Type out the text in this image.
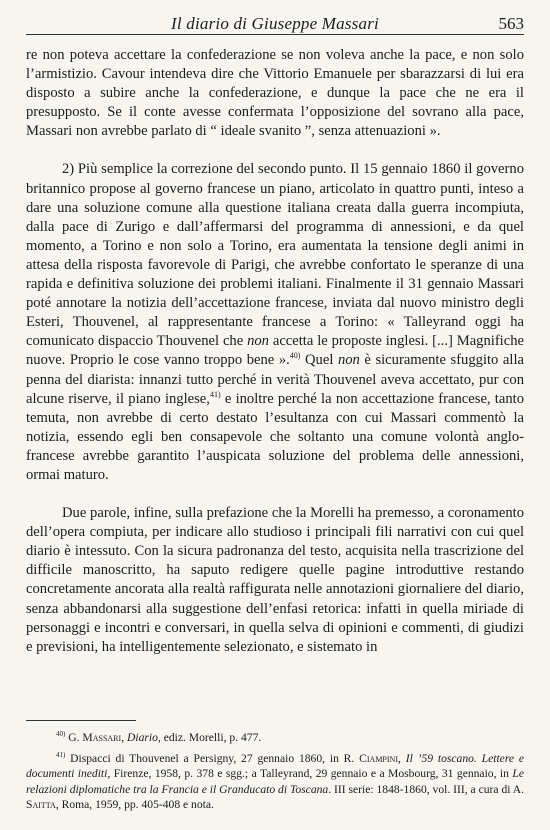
Il diario di Giuseppe Massari	563

re non poteva accettare la confederazione se non voleva anche la pace, e non solo l’armistizio. Cavour intendeva dire che Vittorio Emanuele per sbarazzarsi di lui era disposto a subire anche la confederazione, e dunque la pace che ne era il presupposto. Se il conte avesse confermata l’opposizione del sovrano alla pace, Massari non avrebbe parlato di “ ideale svanito ”, senza attenuazioni ».

2) Più semplice la correzione del secondo punto. Il 15 gennaio 1860 il governo britannico propose al governo francese un piano, articolato in quattro punti, inteso a dare una soluzione comune alla questione italiana creata dalla guerra incompiuta, dalla pace di Zurigo e dall’affermarsi del programma di annessioni, e da quel momento, a Torino e non solo a Torino, era aumentata la tensione degli animi in attesa della risposta favorevole di Parigi, che avrebbe confortato le speranze di una rapida e definitiva soluzione dei problemi italiani. Finalmente il 31 gennaio Massari poté annotare la notizia dell’accettazione francese, inviata dal nuovo ministro degli Esteri, Thouvenel, al rappresentante francese a Torino: « Talleyrand oggi ha comunicato dispaccio Thouvenel che non accetta le proposte inglesi. [...] Magnifiche nuove. Proprio le cose vanno troppo bene ».$^{40)}$ Quel non è sicuramente sfuggito alla penna del diarista: innanzi tutto perché in verità Thouvenel aveva accettato, pur con alcune riserve, il piano inglese,$^{41)}$ e inoltre perché la non accettazione francese, tanto temuta, non avrebbe di certo destato l’esultanza con cui Massari commentò la notizia, essendo egli ben consapevole che soltanto una comune volontà anglo-francese avrebbe garantito l’auspicata soluzione del problema delle annessioni, ormai maturo.

Due parole, infine, sulla prefazione che la Morelli ha premesso, a coronamento dell’opera compiuta, per indicare allo studioso i principali fili narrativi con cui quel diario è intessuto. Con la sicura padronanza del testo, acquisita nella trascrizione del difficile manoscritto, ha saputo redigere quelle pagine introduttive restando concretamente ancorata alla realtà raffigurata nelle annotazioni giornaliere del diario, senza abbandonarsi alla suggestione dell’enfasi retorica: infatti in quella miriade di personaggi e incontri e conversari, in quella selva di opinioni e commenti, di giudizi e previsioni, ha intelligentemente selezionato, e sistemato in

$^{40)}$ G. Massari, Diario, ediz. Morelli, p. 477.

$^{41)}$ Dispacci di Thouvenel a Persigny, 27 gennaio 1860, in R. Ciampini, Il ’59 toscano. Lettere e documenti inediti, Firenze, 1958, p. 378 e sgg.; a Talleyrand, 29 gennaio e a Mosbourg, 31 gennaio, in Le relazioni diplomatiche tra la Francia e il Granducato di Toscana. III serie: 1848-1860, vol. III, a cura di A. Saitta, Roma, 1959, pp. 405-408 e nota.
